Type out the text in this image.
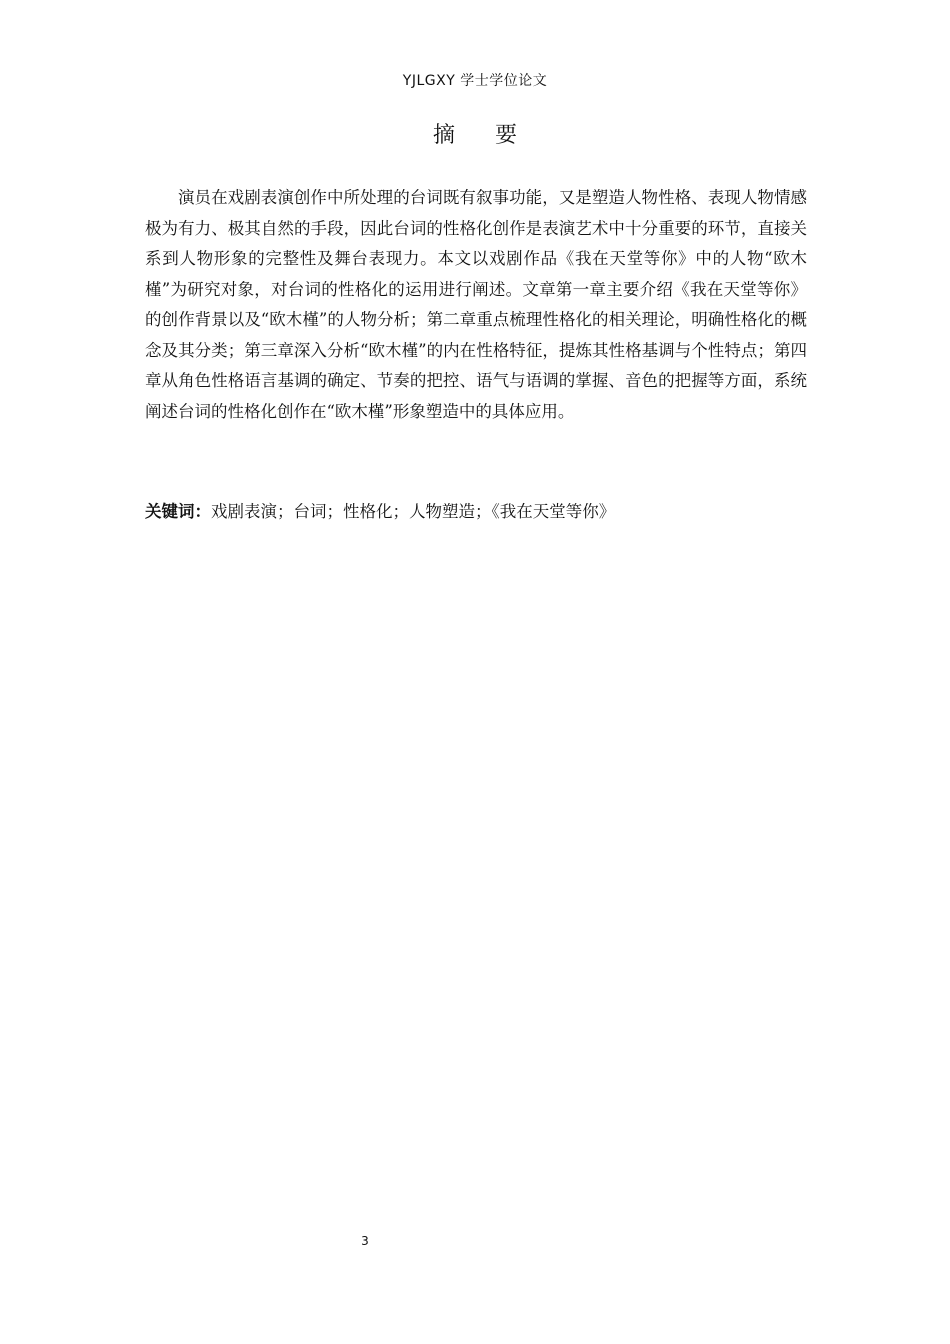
YJLGXY 学士学位论文
摘要

演员在戏剧表演创作中所处理的台词既有叙事功能，又是塑造人物性格、表现人物情感极为有力、极其自然的手段，因此台词的性格化创作是表演艺术中十分重要的环节，直接关系到人物形象的完整性及舞台表现力。本文以戏剧作品《我在天堂等你》中的人物“欧木槿”为研究对象，对台词的性格化的运用进行阐述。文章第一章主要介绍《我在天堂等你》的创作背景以及“欧木槿”的人物分析；第二章重点梳理性格化的相关理论，明确性格化的概念及其分类；第三章深入分析“欧木槿”的内在性格特征，提炼其性格基调与个性特点；第四章从角色性格语言基调的确定、节奏的把控、语气与语调的掌握、音色的把握等方面，系统阐述台词的性格化创作在“欧木槿”形象塑造中的具体应用。

关键词：戏剧表演；台词；性格化；人物塑造；《我在天堂等你》

3
